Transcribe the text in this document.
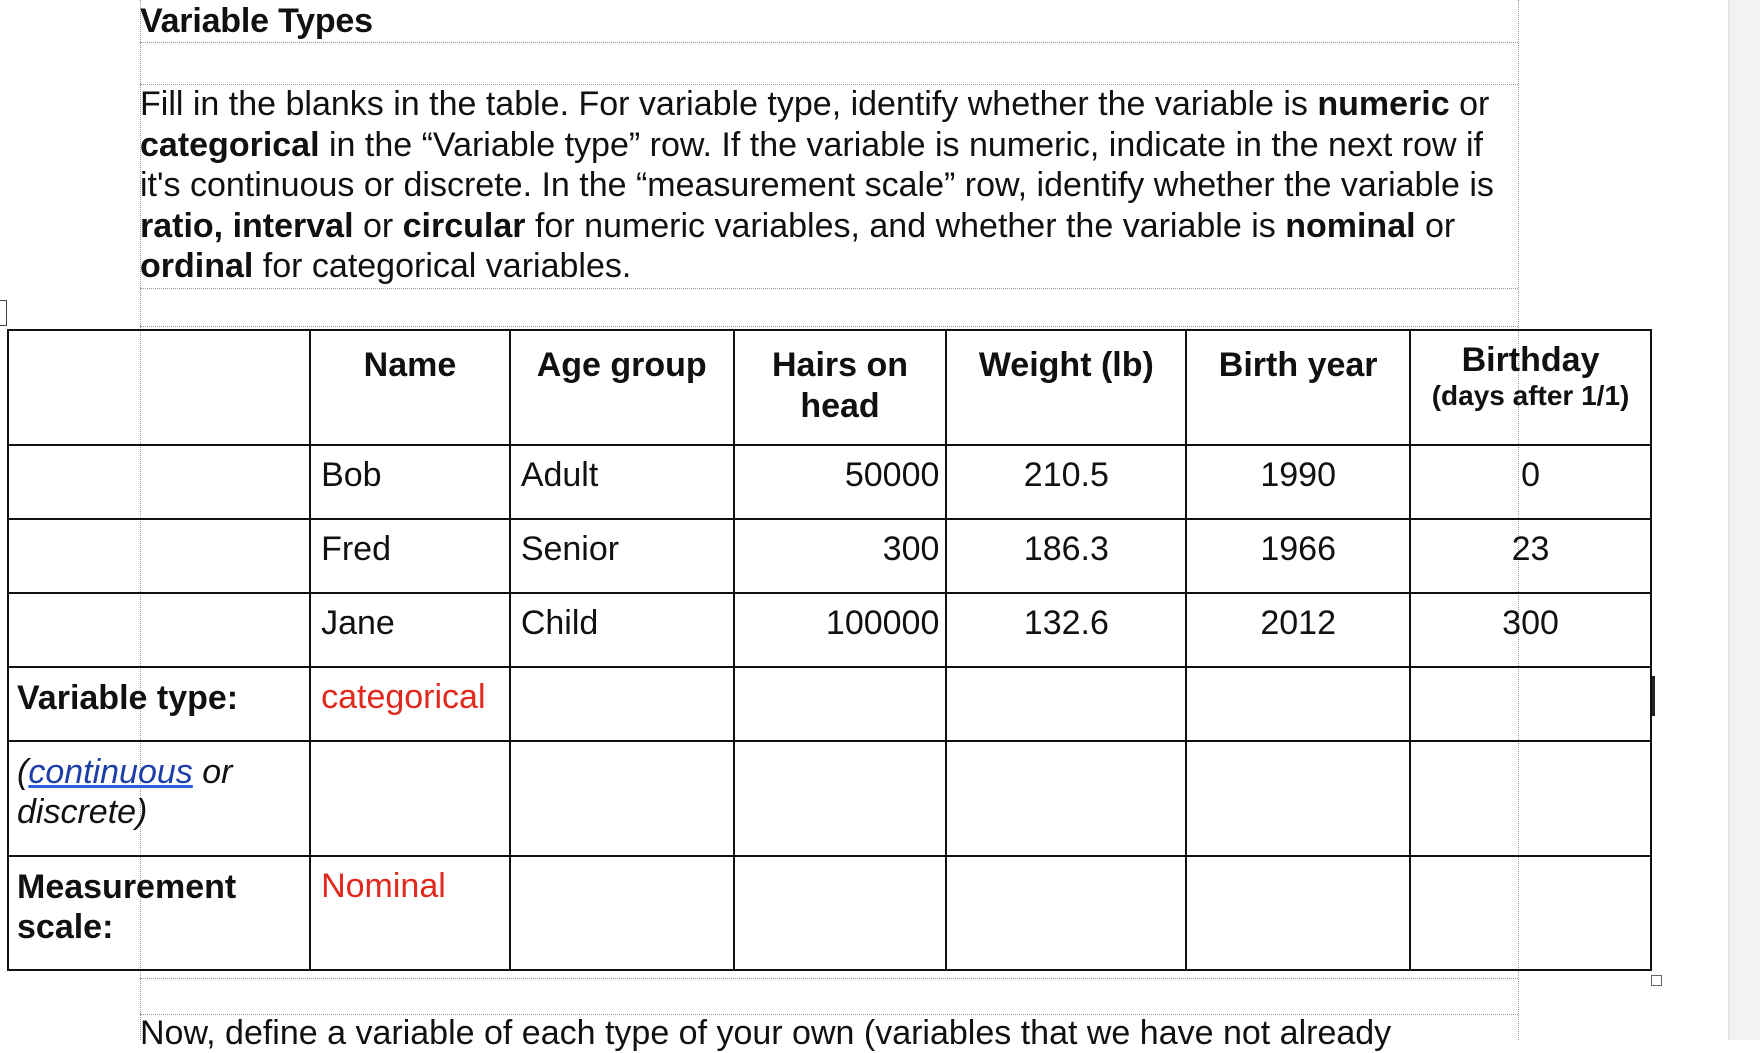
Variable Types
Fill in the blanks in the table. For variable type, identify whether the variable is numeric or categorical in the “Variable type” row. If the variable is numeric, indicate in the next row if it's continuous or discrete. In the “measurement scale” row, identify whether the variable is ratio, interval or circular for numeric variables, and whether the variable is nominal or ordinal for categorical variables.
	Name	Age group	Hairs on head	Weight (lb)	Birth year	Birthday
(days after 1/1)

	Bob	Adult	50000	210.5	1990	0
	Fred	Senior	300	186.3	1966	23
	Jane	Child	100000	132.6	2012	300
Variable type:	categorical					
(continuous or discrete)						
Measurement scale:	Nominal					
Now, define a variable of each type of your own (variables that we have not already
